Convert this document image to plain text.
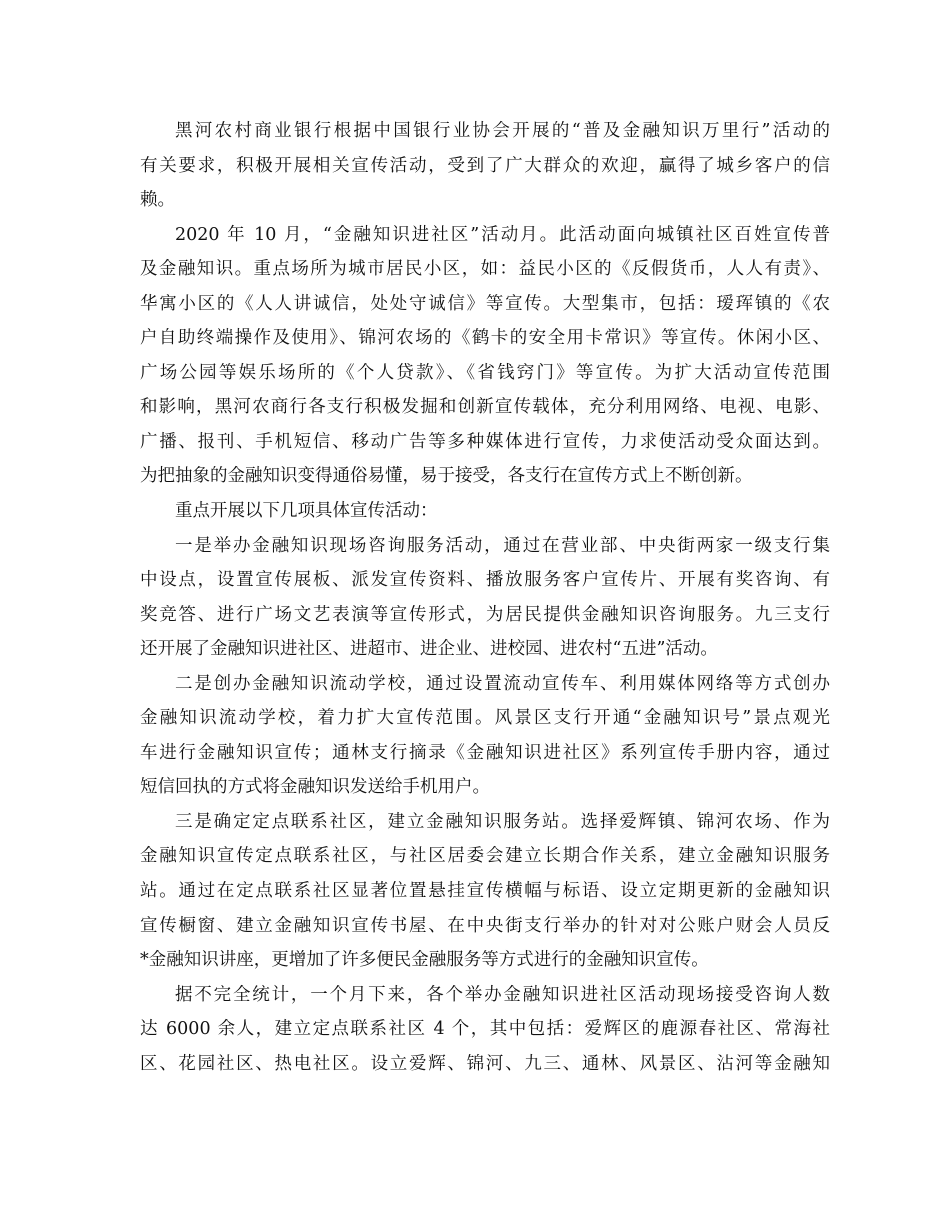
黑河农村商业银行根据中国银行业协会开展的“普及金融知识万里行”活动的
有关要求，积极开展相关宣传活动，受到了广大群众的欢迎，赢得了城乡客户的信
赖。
2020 年 10 月，“金融知识进社区”活动月。此活动面向城镇社区百姓宣传普
及金融知识。重点场所为城市居民小区，如：益民小区的《反假货币，人人有责》、
华寓小区的《人人讲诚信，处处守诚信》等宣传。大型集市，包括：瑷珲镇的《农
户自助终端操作及使用》、锦河农场的《鹤卡的安全用卡常识》等宣传。休闲小区、
广场公园等娱乐场所的《个人贷款》、《省钱窍门》等宣传。为扩大活动宣传范围
和影响，黑河农商行各支行积极发掘和创新宣传载体，充分利用网络、电视、电影、
广播、报刊、手机短信、移动广告等多种媒体进行宣传，力求使活动受众面达到。
为把抽象的金融知识变得通俗易懂，易于接受，各支行在宣传方式上不断创新。
重点开展以下几项具体宣传活动：
一是举办金融知识现场咨询服务活动，通过在营业部、中央街两家一级支行集
中设点，设置宣传展板、派发宣传资料、播放服务客户宣传片、开展有奖咨询、有
奖竞答、进行广场文艺表演等宣传形式，为居民提供金融知识咨询服务。九三支行
还开展了金融知识进社区、进超市、进企业、进校园、进农村“五进”活动。
二是创办金融知识流动学校，通过设置流动宣传车、利用媒体网络等方式创办
金融知识流动学校，着力扩大宣传范围。风景区支行开通“金融知识号”景点观光
车进行金融知识宣传；通林支行摘录《金融知识进社区》系列宣传手册内容，通过
短信回执的方式将金融知识发送给手机用户。
三是确定定点联系社区，建立金融知识服务站。选择爱辉镇、锦河农场、作为
金融知识宣传定点联系社区，与社区居委会建立长期合作关系，建立金融知识服务
站。通过在定点联系社区显著位置悬挂宣传横幅与标语、设立定期更新的金融知识
宣传橱窗、建立金融知识宣传书屋、在中央街支行举办的针对对公账户财会人员反
*金融知识讲座，更增加了许多便民金融服务等方式进行的金融知识宣传。
据不完全统计，一个月下来，各个举办金融知识进社区活动现场接受咨询人数
达 6000 余人，建立定点联系社区 4 个，其中包括：爱辉区的鹿源春社区、常海社
区、花园社区、热电社区。设立爱辉、锦河、九三、通林、风景区、沾河等金融知
